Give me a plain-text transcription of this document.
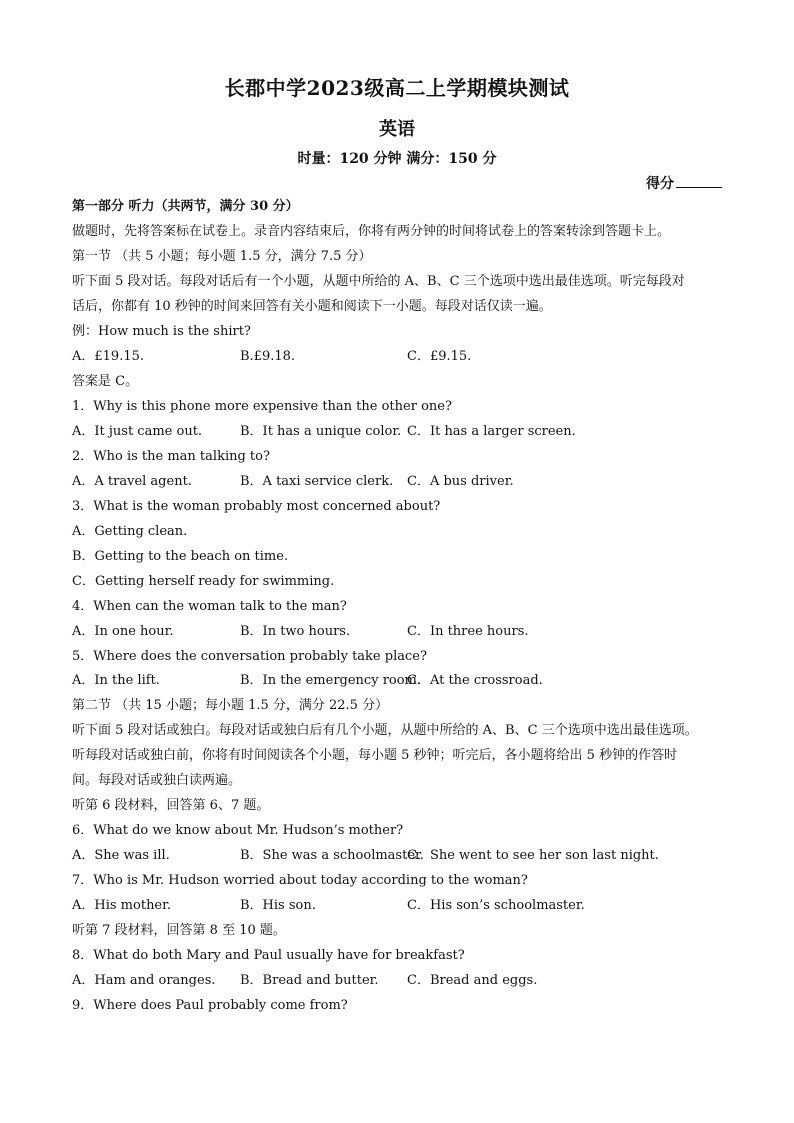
长郡中学2023级高二上学期模块测试
英语
时量：120 分钟 满分：150 分
得分
第一部分 听力（共两节，满分 30 分）
做题时，先将答案标在试卷上。录音内容结束后，你将有两分钟的时间将试卷上的答案转涂到答题卡上。
第一节 （共 5 小题；每小题 1.5 分，满分 7.5 分）
听下面 5 段对话。每段对话后有一个小题，从题中所给的 A、B、C 三个选项中选出最佳选项。听完每段对
话后，你都有 10 秒钟的时间来回答有关小题和阅读下一小题。每段对话仅读一遍。
例：How much is the shirt?
A．£19.15.	B.£9.18.	C．£9.15.
答案是 C。
1．Why is this phone more expensive than the other one?
A．It just came out.	B．It has a unique color. C．It has a larger screen.
2．Who is the man talking to?
A．A travel agent.	B．A taxi service clerk. C．A bus driver.
3．What is the woman probably most concerned about?
A．Getting clean.
B．Getting to the beach on time.
C．Getting herself ready for swimming.
4．When can the woman talk to the man?
A．In one hour.	B．In two hours.	C．In three hours.
5．Where does the conversation probably take place?
A．In the lift.	B．In the emergency room.
C．At the crossroad.
第二节 （共 15 小题；每小题 1.5 分，满分 22.5 分）
听下面 5 段对话或独白。每段对话或独白后有几个小题，从题中所给的 A、B、C 三个选项中选出最佳选项。
听每段对话或独白前，你将有时间阅读各个小题，每小题 5 秒钟；听完后，各小题将给出 5 秒钟的作答时
间。每段对话或独白读两遍。
听第 6 段材料，回答第 6、7 题。
6．What do we know about Mr. Hudson’s mother?
A．She was ill.	B．She was a schoolmaster.
C．She went to see her son last night.
7．Who is Mr. Hudson worried about today according to the woman?
A．His mother.	B．His son.	C．His son’s schoolmaster.
听第 7 段材料，回答第 8 至 10 题。
8．What do both Mary and Paul usually have for breakfast?
A．Ham and oranges. B．Bread and butter. C．Bread and eggs.
9．Where does Paul probably come from?
